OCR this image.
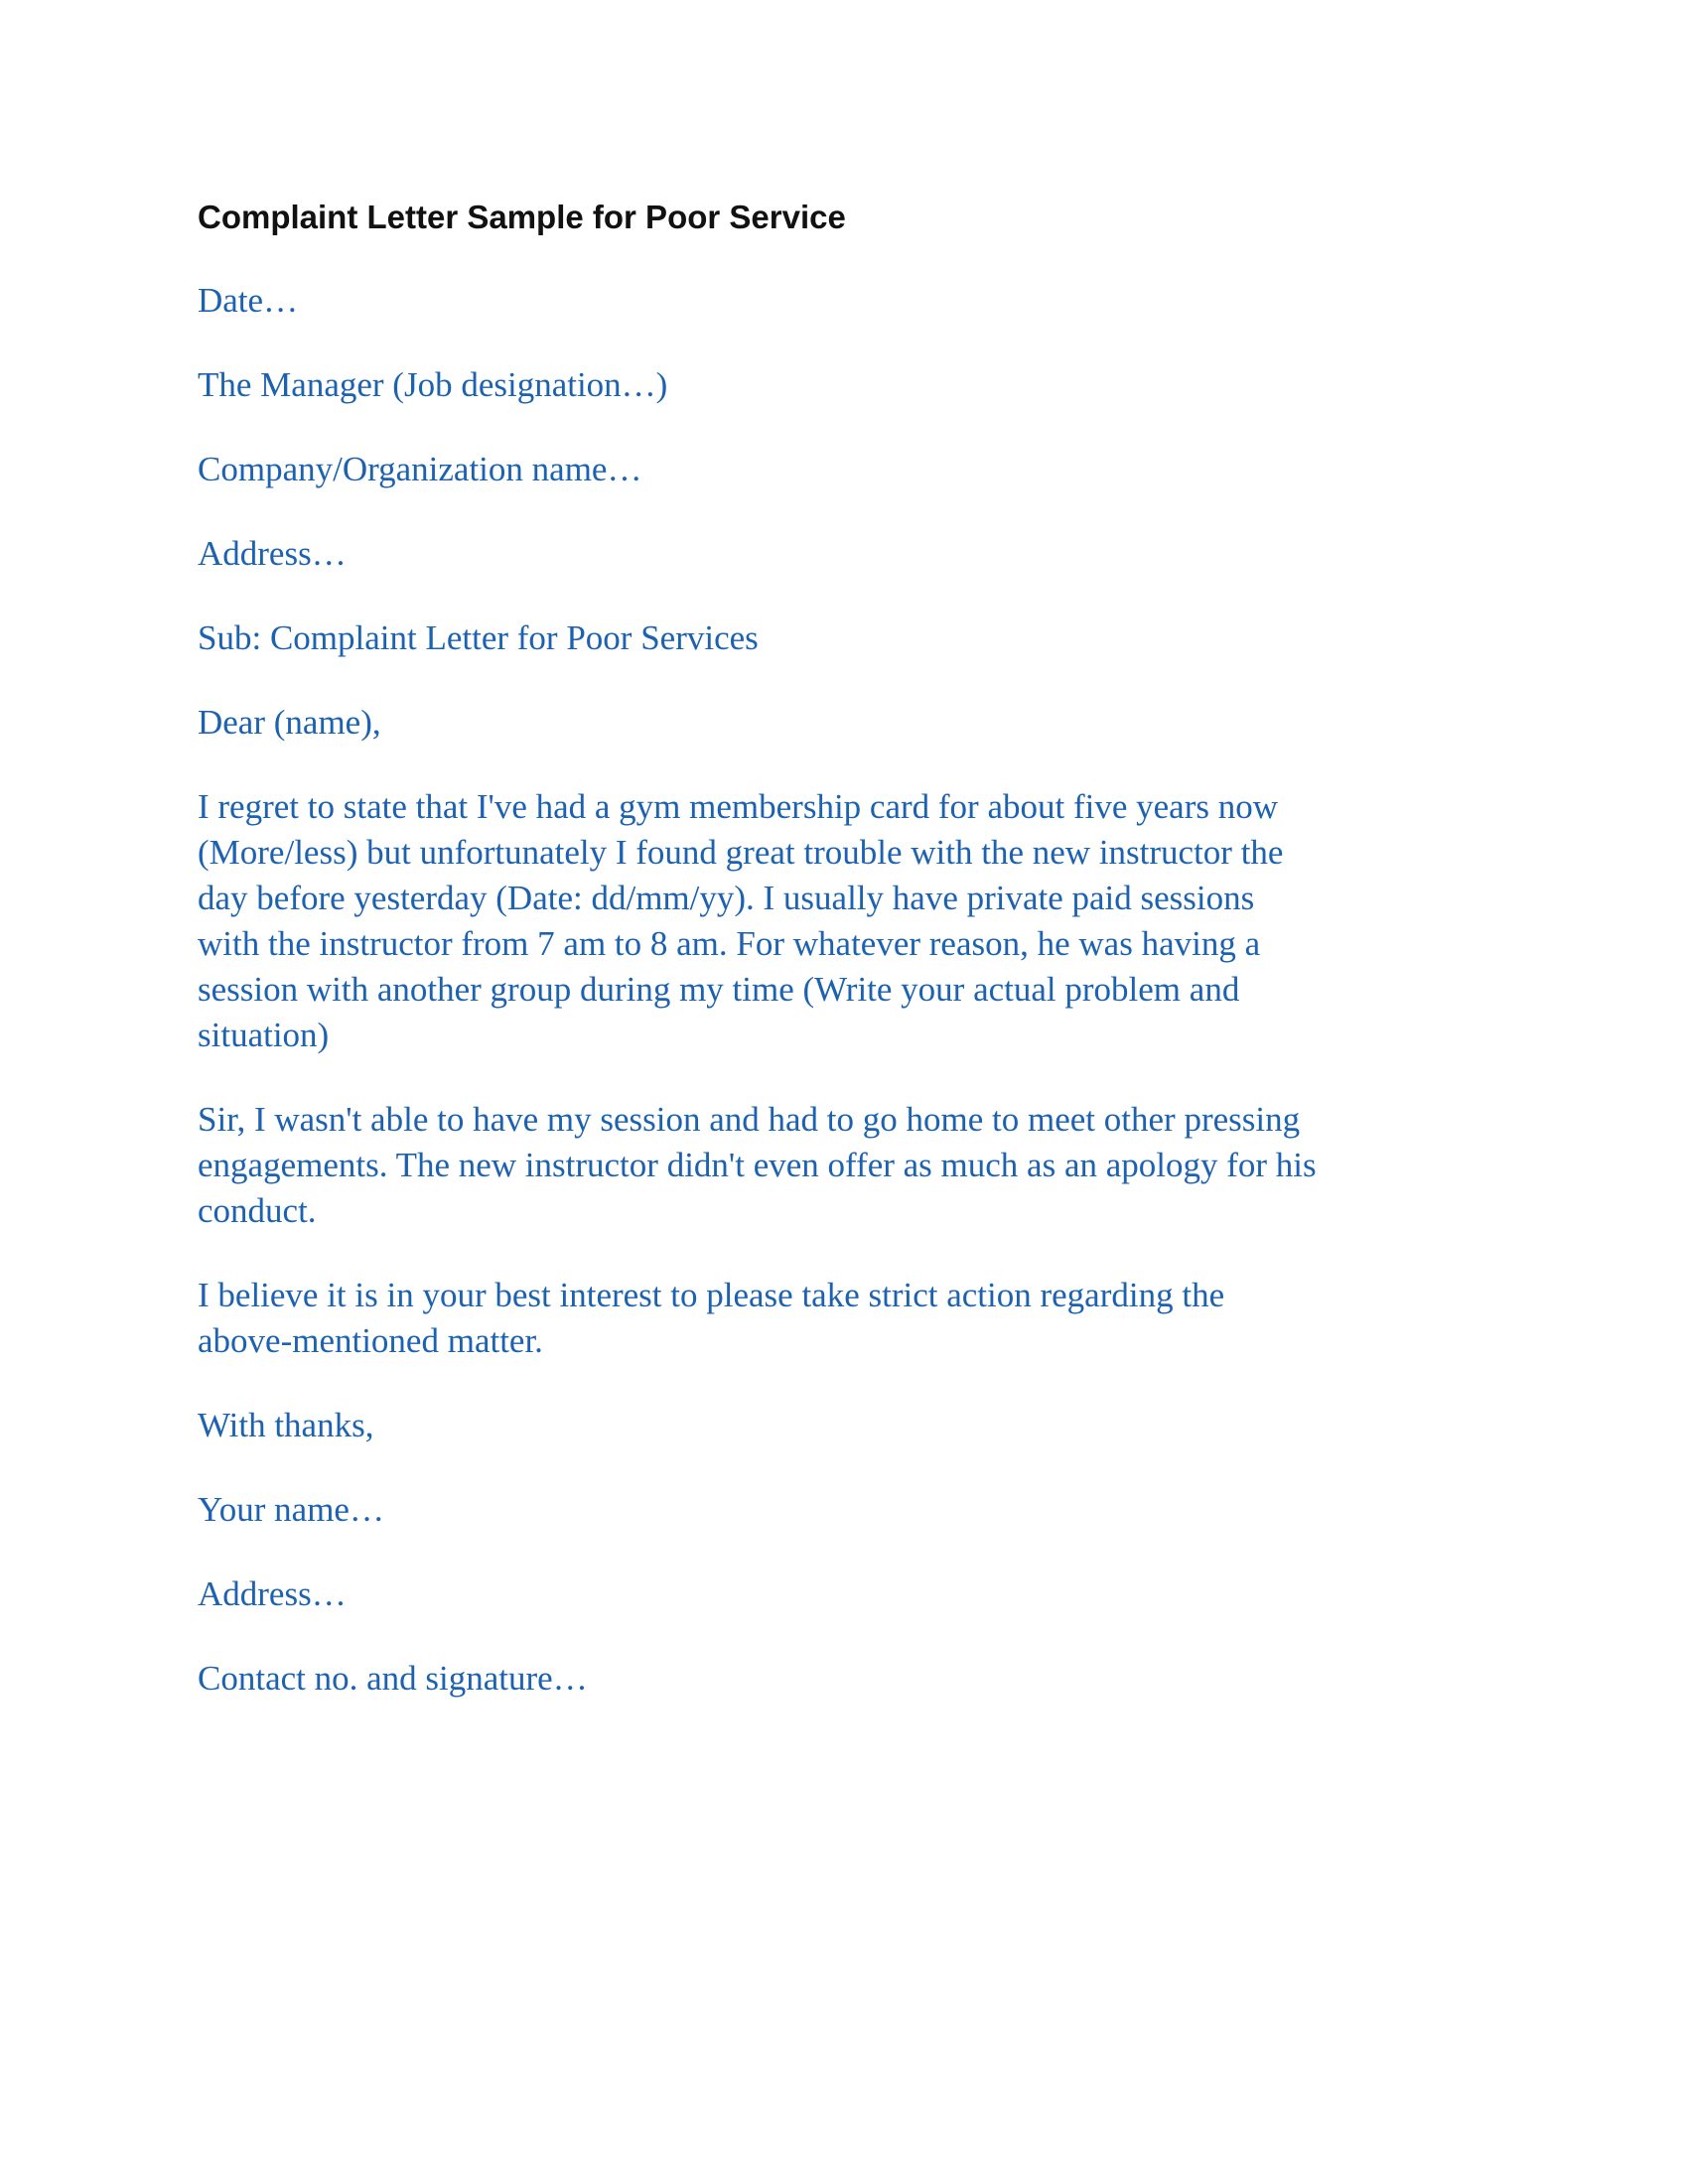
Complaint Letter Sample for Poor Service
Date…
The Manager (Job designation…)
Company/Organization name…
Address…
Sub: Complaint Letter for Poor Services
Dear (name),
I regret to state that I've had a gym membership card for about five years now
(More/less) but unfortunately I found great trouble with the new instructor the
day before yesterday (Date: dd/mm/yy). I usually have private paid sessions
with the instructor from 7 am to 8 am. For whatever reason, he was having a
session with another group during my time (Write your actual problem and
situation)
Sir, I wasn't able to have my session and had to go home to meet other pressing
engagements. The new instructor didn't even offer as much as an apology for his
conduct.
I believe it is in your best interest to please take strict action regarding the
above-mentioned matter.
With thanks,
Your name…
Address…
Contact no. and signature…
